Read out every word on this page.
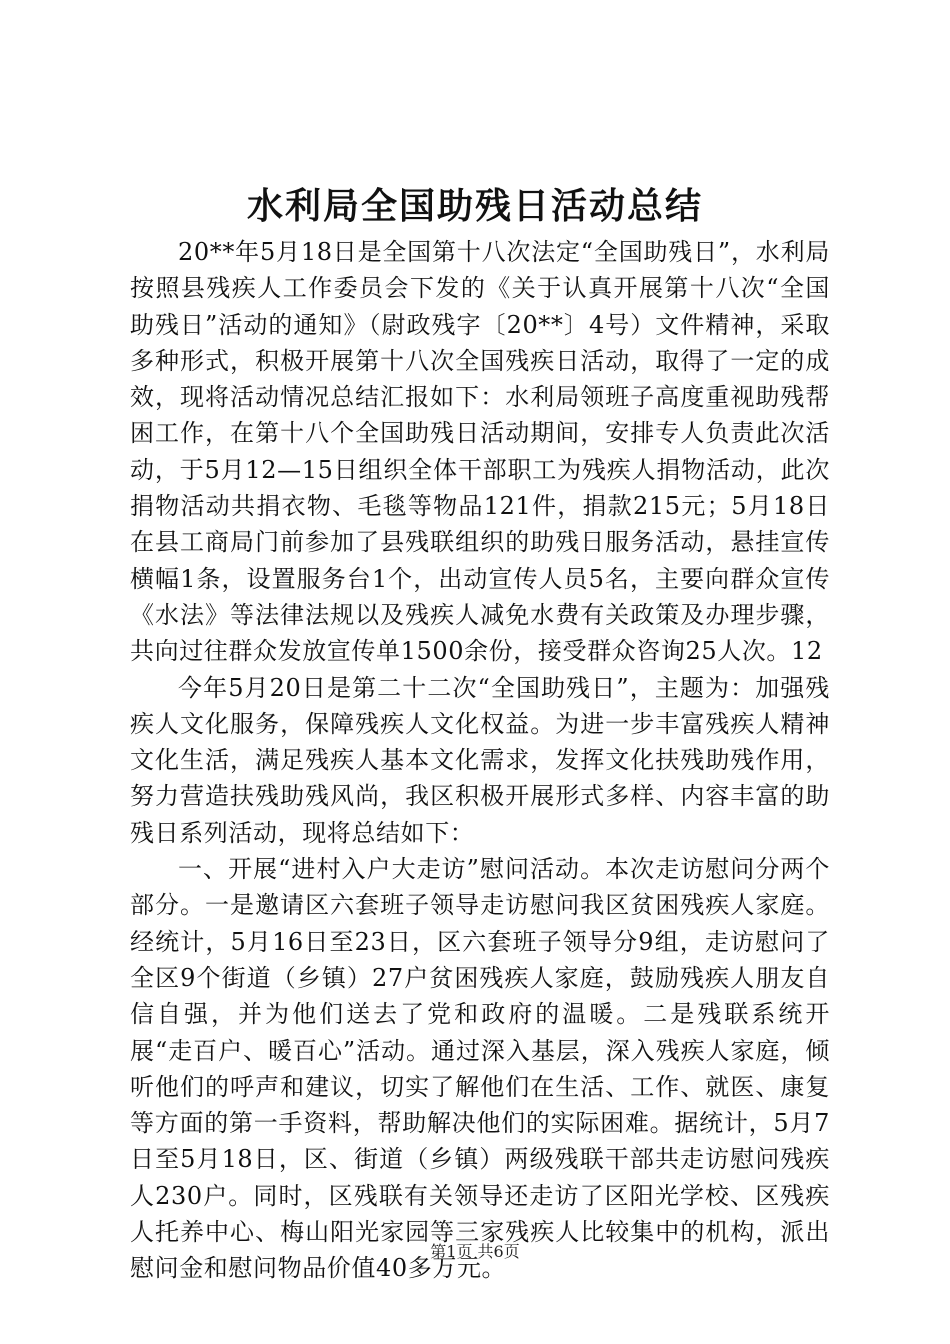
水利局全国助残日活动总结

20**年5月18日是全国第十八次法定“全国助残日”，水利局按照县残疾人工作委员会下发的《关于认真开展第十八次“全国助残日”活动的通知》（尉政残字〔20**〕4号）文件精神，采取多种形式，积极开展第十八次全国残疾日活动，取得了一定的成效，现将活动情况总结汇报如下：水利局领班子高度重视助残帮困工作，在第十八个全国助残日活动期间，安排专人负责此次活动，于5月12—15日组织全体干部职工为残疾人捐物活动，此次捐物活动共捐衣物、毛毯等物品121件，捐款215元；5月18日在县工商局门前参加了县残联组织的助残日服务活动，悬挂宣传横幅1条，设置服务台1个，出动宣传人员5名，主要向群众宣传《水法》等法律法规以及残疾人减免水费有关政策及办理步骤，共向过往群众发放宣传单1500余份，接受群众咨询25人次。12

今年5月20日是第二十二次“全国助残日”，主题为：加强残疾人文化服务，保障残疾人文化权益。为进一步丰富残疾人精神文化生活，满足残疾人基本文化需求，发挥文化扶残助残作用，努力营造扶残助残风尚，我区积极开展形式多样、内容丰富的助残日系列活动，现将总结如下：

一、开展“进村入户大走访”慰问活动。本次走访慰问分两个部分。一是邀请区六套班子领导走访慰问我区贫困残疾人家庭。经统计，5月16日至23日，区六套班子领导分9组，走访慰问了全区9个街道（乡镇）27户贫困残疾人家庭，鼓励残疾人朋友自信自强，并为他们送去了党和政府的温暖。二是残联系统开展“走百户、暖百心”活动。通过深入基层，深入残疾人家庭，倾听他们的呼声和建议，切实了解他们在生活、工作、就医、康复等方面的第一手资料，帮助解决他们的实际困难。据统计，5月7日至5月18日，区、街道（乡镇）两级残联干部共走访慰问残疾人230户。同时，区残联有关领导还走访了区阳光学校、区残疾人托养中心、梅山阳光家园等三家残疾人比较集中的机构，派出慰问金和慰问物品价值40多万元。

第1页 共6页
